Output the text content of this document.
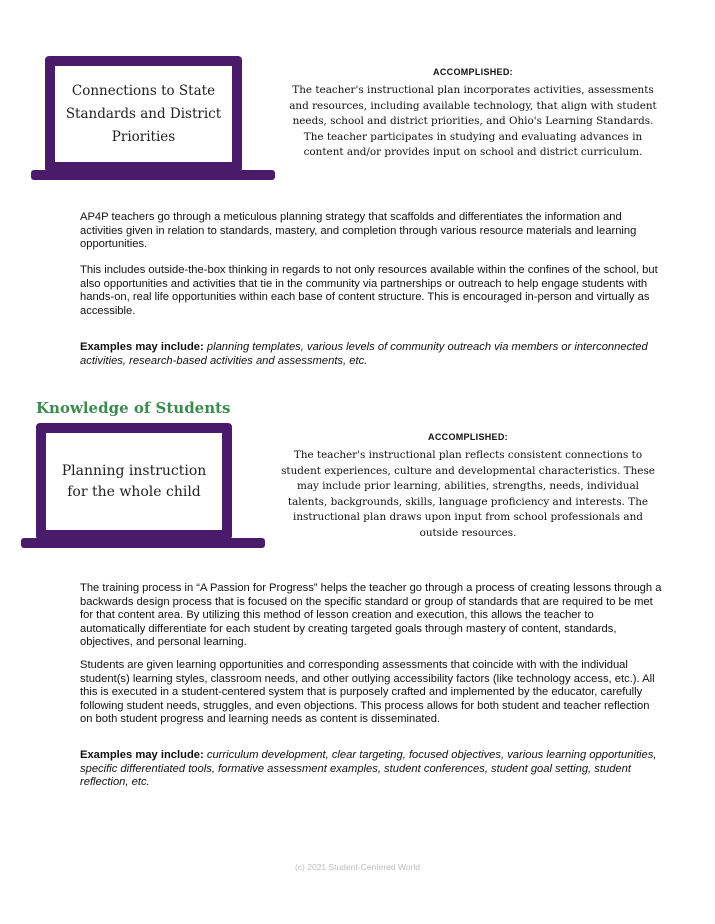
Connections to State Standards and District Priorities
ACCOMPLISHED:
The teacher's instructional plan incorporates activities, assessments and resources, including available technology, that align with student needs, school and district priorities, and Ohio's Learning Standards. The teacher participates in studying and evaluating advances in content and/or provides input on school and district curriculum.
AP4P teachers go through a meticulous planning strategy that scaffolds and differentiates the information and activities given in relation to standards, mastery, and completion through various resource materials and learning opportunities.
This includes outside-the-box thinking in regards to not only resources available within the confines of the school, but also opportunities and activities that tie in the community via partnerships or outreach to help engage students with hands-on, real life opportunities within each base of content structure. This is encouraged in-person and virtually as accessible.
Examples may include: planning templates, various levels of community outreach via members or interconnected activities, research-based activities and assessments, etc.
Knowledge of Students
Planning instruction for the whole child
ACCOMPLISHED:
The teacher's instructional plan reflects consistent connections to student experiences, culture and developmental characteristics. These may include prior learning, abilities, strengths, needs, individual talents, backgrounds, skills, language proficiency and interests. The instructional plan draws upon input from school professionals and outside resources.
The training process in “A Passion for Progress” helps the teacher go through a process of creating lessons through a backwards design process that is focused on the specific standard or group of standards that are required to be met for that content area. By utilizing this method of lesson creation and execution, this allows the teacher to automatically differentiate for each student by creating targeted goals through mastery of content, standards, objectives, and personal learning.
Students are given learning opportunities and corresponding assessments that coincide with with the individual student(s) learning styles, classroom needs, and other outlying accessibility factors (like technology access, etc.). All this is executed in a student-centered system that is purposely crafted and implemented by the educator, carefully following student needs, struggles, and even objections. This process allows for both student and teacher reflection on both student progress and learning needs as content is disseminated.
Examples may include: curriculum development, clear targeting, focused objectives, various learning opportunities, specific differentiated tools, formative assessment examples, student conferences, student goal setting, student reflection, etc.
(c) 2021 Student-Centered World
